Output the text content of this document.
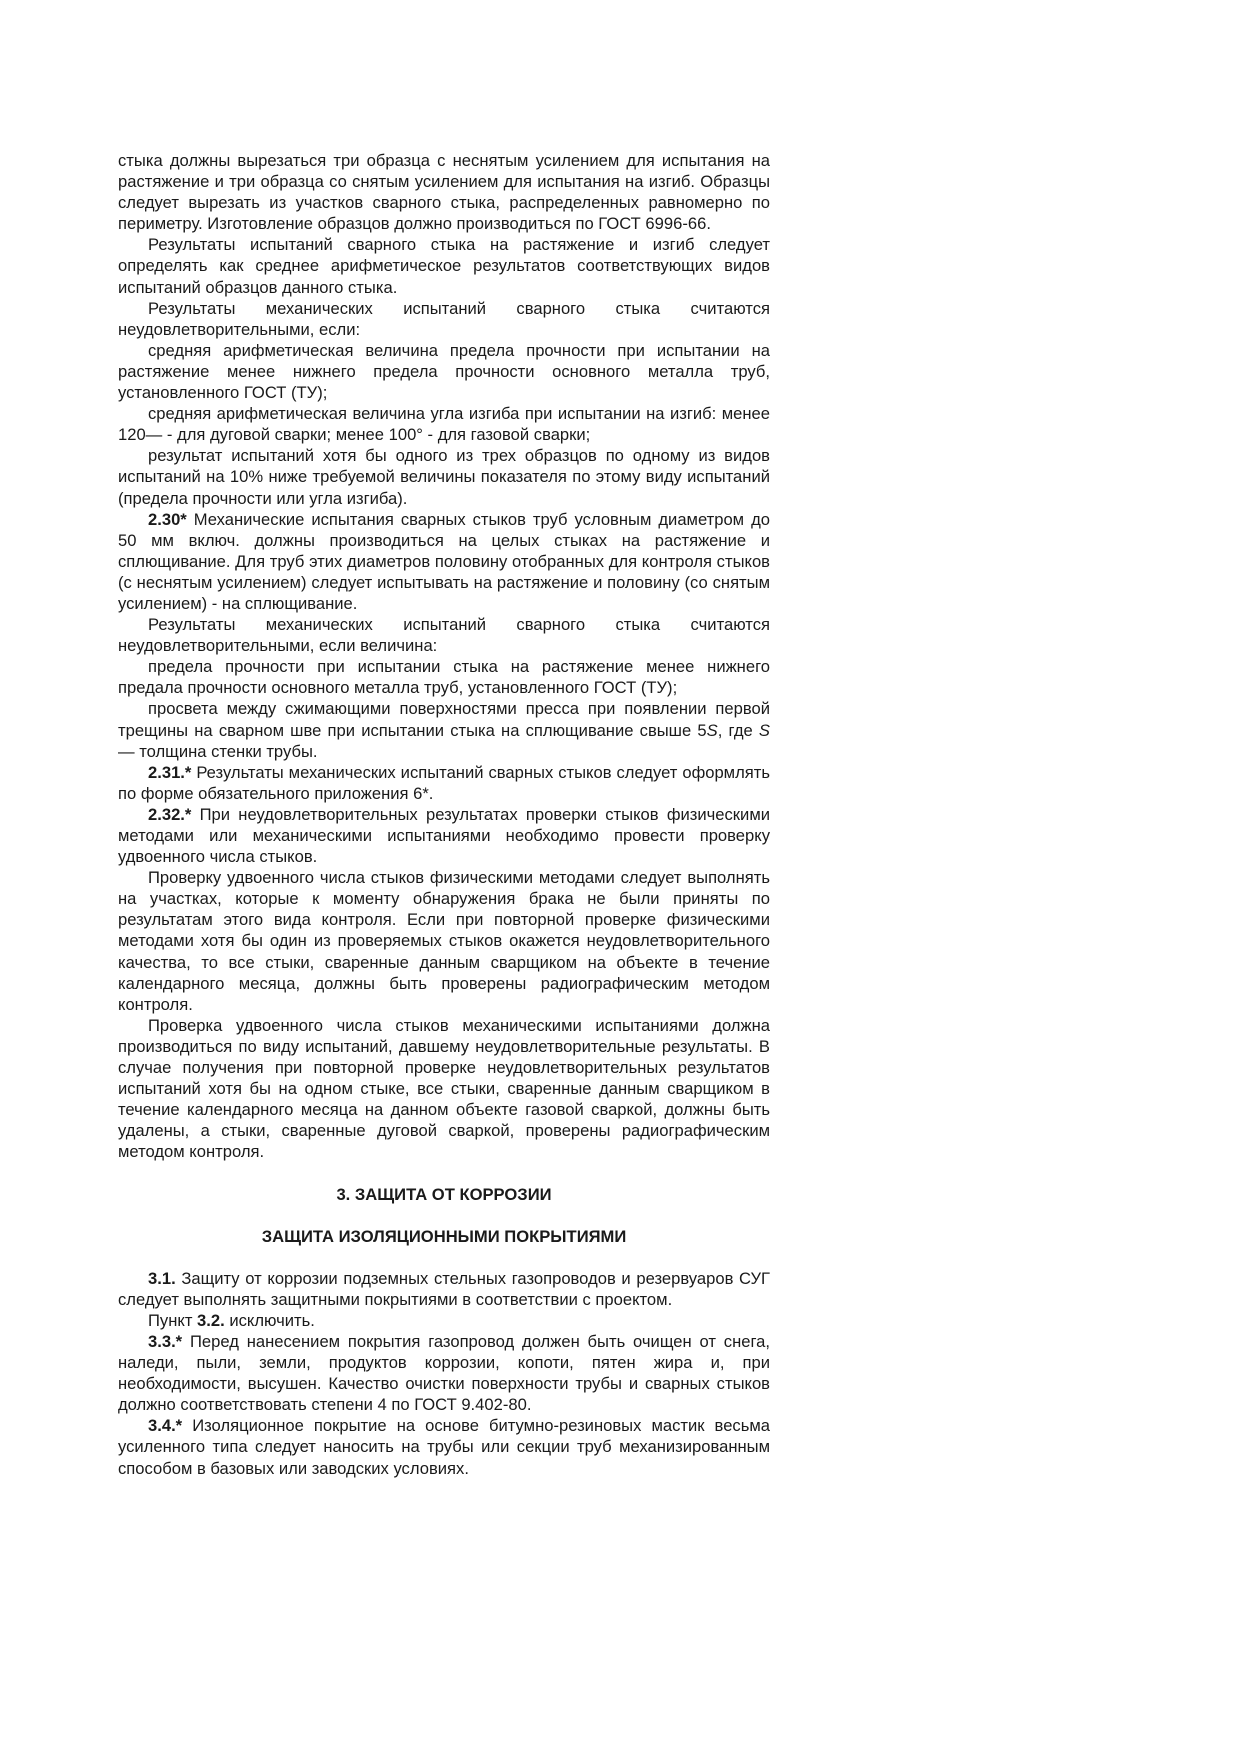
стыка должны вырезаться три образца с неснятым усилением для испытания на растяжение и три образца со снятым усилением для испытания на изгиб. Образцы следует вырезать из участков сварного стыка, распределенных равномерно по периметру. Изготовление образцов должно производиться по ГОСТ 6996-66.

Результаты испытаний сварного стыка на растяжение и изгиб следует определять как среднее арифметическое результатов соответствующих видов испытаний образцов данного стыка.

Результаты механических испытаний сварного стыка считаются неудовлетворительными, если:

средняя арифметическая величина предела прочности при испытании на растяжение менее нижнего предела прочности основного металла труб, установленного ГОСТ (ТУ);

средняя арифметическая величина угла изгиба при испытании на изгиб: менее 120— - для дуговой сварки; менее 100° - для газовой сварки;

результат испытаний хотя бы одного из трех образцов по одному из видов испытаний на 10% ниже требуемой величины показателя по этому виду испытаний (предела прочности или угла изгиба).

2.30* Механические испытания сварных стыков труб условным диаметром до 50 мм включ. должны производиться на целых стыках на растяжение и сплющивание. Для труб этих диаметров половину отобранных для контроля стыков (с неснятым усилением) следует испытывать на растяжение и половину (со снятым усилением) - на сплющивание.

Результаты механических испытаний сварного стыка считаются неудовлетворительными, если величина:

предела прочности при испытании стыка на растяжение менее нижнего предала прочности основного металла труб, установленного ГОСТ (ТУ);

просвета между сжимающими поверхностями пресса при появлении первой трещины на сварном шве при испытании стыка на сплющивание свыше 5S, где S — толщина стенки трубы.

2.31.* Результаты механических испытаний сварных стыков следует оформлять по форме обязательного приложения 6*.

2.32.* При неудовлетворительных результатах проверки стыков физическими методами или механическими испытаниями необходимо провести проверку удвоенного числа стыков.

Проверку удвоенного числа стыков физическими методами следует выполнять на участках, которые к моменту обнаружения брака не были приняты по результатам этого вида контроля. Если при повторной проверке физическими методами хотя бы один из проверяемых стыков окажется неудовлетворительного качества, то все стыки, сваренные данным сварщиком на объекте в течение календарного месяца, должны быть проверены радиографическим методом контроля.

Проверка удвоенного числа стыков механическими испытаниями должна производиться по виду испытаний, давшему неудовлетворительные результаты. В случае получения при повторной проверке неудовлетворительных результатов испытаний хотя бы на одном стыке, все стыки, сваренные данным сварщиком в течение календарного месяца на данном объекте газовой сваркой, должны быть удалены, а стыки, сваренные дуговой сваркой, проверены радиографическим методом контроля.

3. ЗАЩИТА ОТ КОРРОЗИИ

ЗАЩИТА ИЗОЛЯЦИОННЫМИ ПОКРЫТИЯМИ

3.1. Защиту от коррозии подземных стельных газопроводов и резервуаров СУГ следует выполнять защитными покрытиями в соответствии с проектом.

Пункт 3.2. исключить.

3.3.* Перед нанесением покрытия газопровод должен быть очищен от снега, наледи, пыли, земли, продуктов коррозии, копоти, пятен жира и, при необходимости, высушен. Качество очистки поверхности трубы и сварных стыков должно соответствовать степени 4 по ГОСТ 9.402-80.

3.4.* Изоляционное покрытие на основе битумно-резиновых мастик весьма усиленного типа следует наносить на трубы или секции труб механизированным способом в базовых или заводских условиях.
